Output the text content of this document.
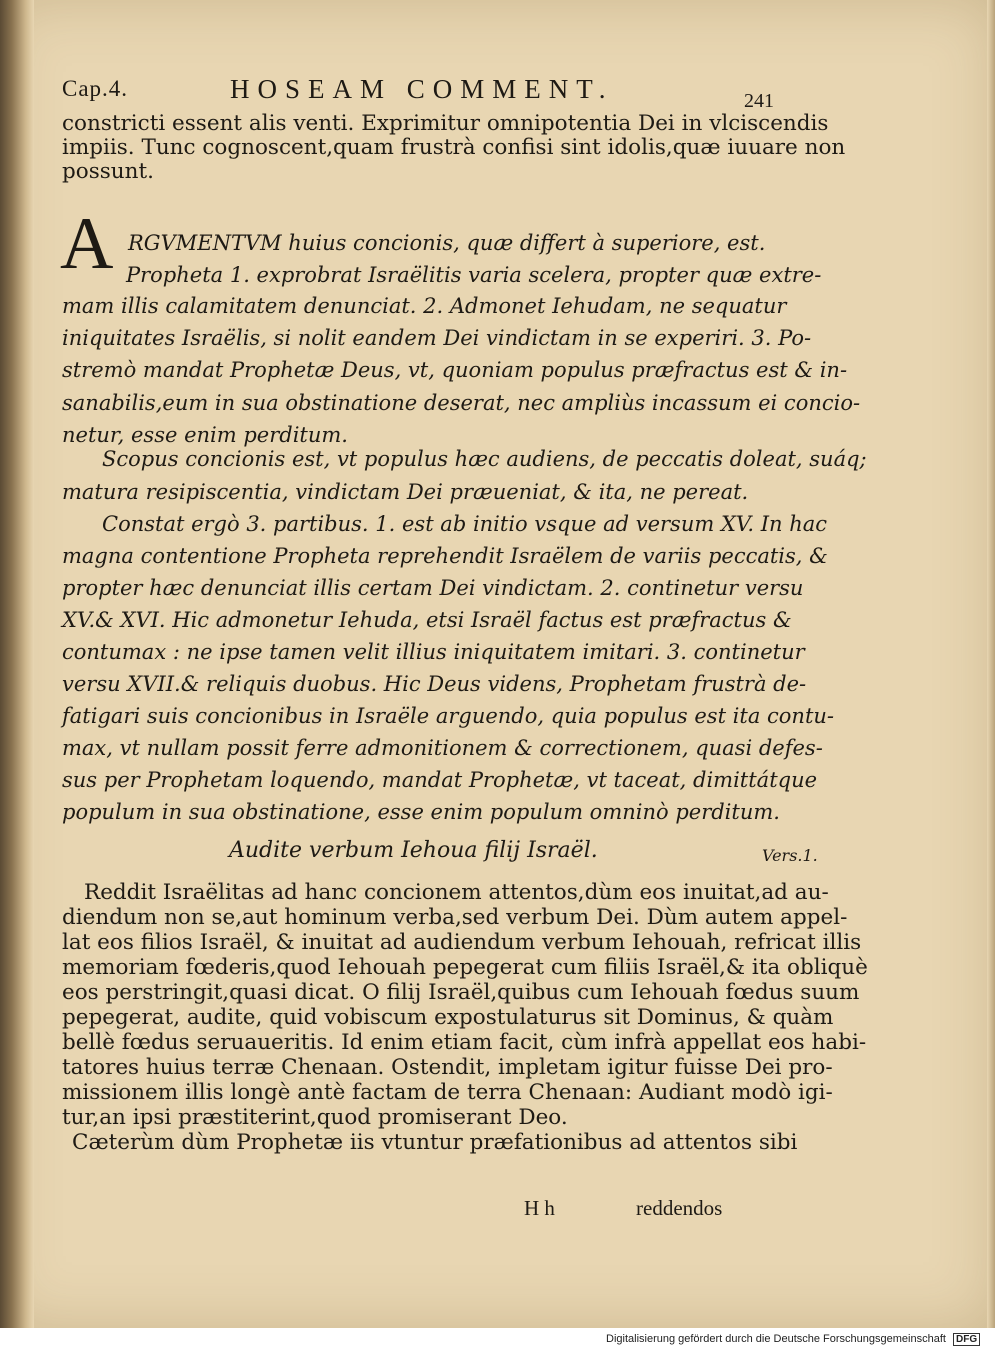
Cap.4.	HOSEAM COMMENT.	241
constricti essent alis venti. Exprimitur omnipotentia Dei in vlciscendis
impiis. Tunc cognoscent,quam frustrà confisi sint idolis,quæ iuuare non
possunt.
A RGVMENTVM huius concionis, quæ differt à superiore, est.
Propheta 1. exprobrat Israëlitis varia scelera, propter quæ extre-
mam illis calamitatem denunciat. 2. Admonet Iehudam, ne sequatur
iniquitates Israëlis, si nolit eandem Dei vindictam in se experiri. 3. Po-
stremò mandat Prophetæ Deus, vt, quoniam populus præfractus est & in-
sanabilis,eum in sua obstinatione deserat, nec ampliùs incassum ei concio-
netur, esse enim perditum.
Scopus concionis est, vt populus hæc audiens, de peccatis doleat, suáq;
matura resipiscentia, vindictam Dei præueniat, & ita, ne pereat.
Constat ergò 3. partibus. 1. est ab initio vsque ad versum XV. In hac
magna contentione Propheta reprehendit Israëlem de variis peccatis, &
propter hæc denunciat illis certam Dei vindictam. 2. continetur versu
XV.& XVI. Hic admonetur Iehuda, etsi Israël factus est præfractus &
contumax : ne ipse tamen velit illius iniquitatem imitari. 3. continetur
versu XVII.& reliquis duobus. Hic Deus videns, Prophetam frustrà de-
fatigari suis concionibus in Israële arguendo, quia populus est ita contu-
max, vt nullam possit ferre admonitionem & correctionem, quasi defes-
sus per Prophetam loquendo, mandat Prophetæ, vt taceat, dimittátque
populum in sua obstinatione, esse enim populum omninò perditum.
Audite verbum Iehoua filij Israël.	Vers.1.
Reddit Israëlitas ad hanc concionem attentos,dùm eos inuitat,ad au-
diendum non se,aut hominum verba,sed verbum Dei. Dùm autem appel-
lat eos filios Israël, & inuitat ad audiendum verbum Iehouah, refricat illis
memoriam fœderis,quod Iehouah pepegerat cum filiis Israël,& ita obliquè
eos perstringit,quasi dicat. O filij Israël,quibus cum Iehouah fœdus suum
pepegerat, audite, quid vobiscum expostulaturus sit Dominus, & quàm
bellè fœdus seruaueritis. Id enim etiam facit, cùm infrà appellat eos habi-
tatores huius terræ Chenaan. Ostendit, impletam igitur fuisse Dei pro-
missionem illis longè antè factam de terra Chenaan: Audiant modò igi-
tur,an ipsi præstiterint,quod promiserant Deo.
Cæterùm dùm Prophetæ iis vtuntur præfationibus ad attentos sibi
H h	reddendos
Digitalisierung gefördert durch die Deutsche Forschungsgemeinschaft DFG
